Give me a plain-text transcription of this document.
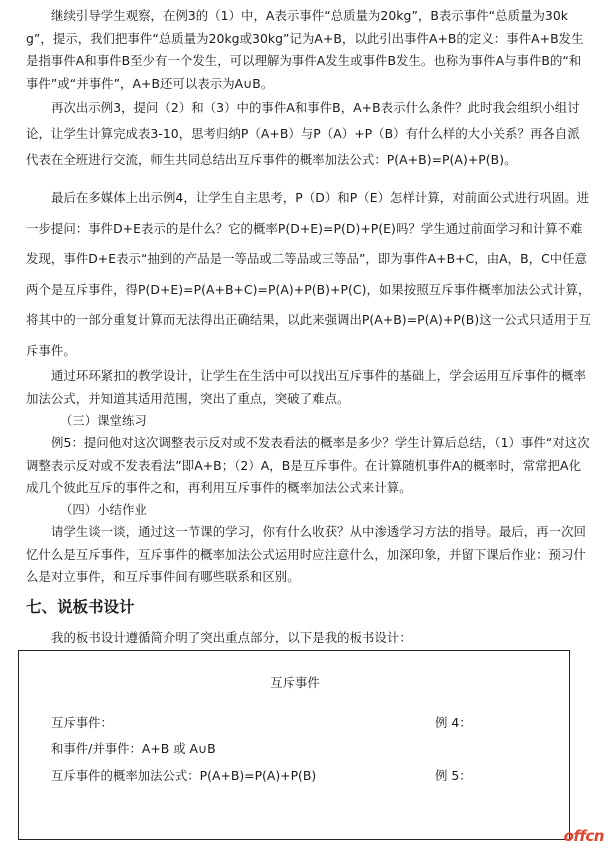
继续引导学生观察，在例3的（1）中，A表示事件“总质量为20kg”，B表示事件“总质量为30kg”，提示，我们把事件“总质量为20kg或30kg”记为A+B，以此引出事件A+B的定义：事件A+B发生是指事件A和事件B至少有一个发生，可以理解为事件A发生或事件B发生。也称为事件A与事件B的“和事件”或“并事件”，A+B还可以表示为A∪B。

再次出示例3，提问（2）和（3）中的事件A和事件B，A+B表示什么条件？此时我会组织小组讨论，让学生计算完成表3-10，思考归纳P（A+B）与P（A）+P（B）有什么样的大小关系？再各自派代表在全班进行交流，师生共同总结出互斥事件的概率加法公式：P(A+B)=P(A)+P(B)。

最后在多媒体上出示例4，让学生自主思考，P（D）和P（E）怎样计算，对前面公式进行巩固。进一步提问：事件D+E表示的是什么？它的概率P(D+E)=P(D)+P(E)吗？学生通过前面学习和计算不难发现，事件D+E表示“抽到的产品是一等品或二等品或三等品”，即为事件A+B+C，由A，B，C中任意两个是互斥事件，得P(D+E)=P(A+B+C)=P(A)+P(B)+P(C)，如果按照互斥事件概率加法公式计算，将其中的一部分重复计算而无法得出正确结果，以此来强调出P(A+B)=P(A)+P(B)这一公式只适用于互斥事件。

通过环环紧扣的教学设计，让学生在生活中可以找出互斥事件的基础上，学会运用互斥事件的概率加法公式，并知道其适用范围，突出了重点，突破了难点。

（三）课堂练习

例5：提问他对这次调整表示反对或不发表看法的概率是多少？学生计算后总结，（1）事件“对这次调整表示反对或不发表看法”即A+B；（2）A，B是互斥事件。在计算随机事件A的概率时，常常把A化成几个彼此互斥的事件之和，再利用互斥事件的概率加法公式来计算。

（四）小结作业

请学生谈一谈，通过这一节课的学习，你有什么收获？从中渗透学习方法的指导。最后，再一次回忆什么是互斥事件，互斥事件的概率加法公式运用时应注意什么，加深印象，并留下课后作业：预习什么是对立事件，和互斥事件间有哪些联系和区别。

七、说板书设计

我的板书设计遵循简介明了突出重点部分，以下是我的板书设计：

互斥事件

互斥事件：	例 4：

和事件/并事件：A+B 或 A∪B

互斥事件的概率加法公式：P(A+B)=P(A)+P(B)	例 5：

offcn
